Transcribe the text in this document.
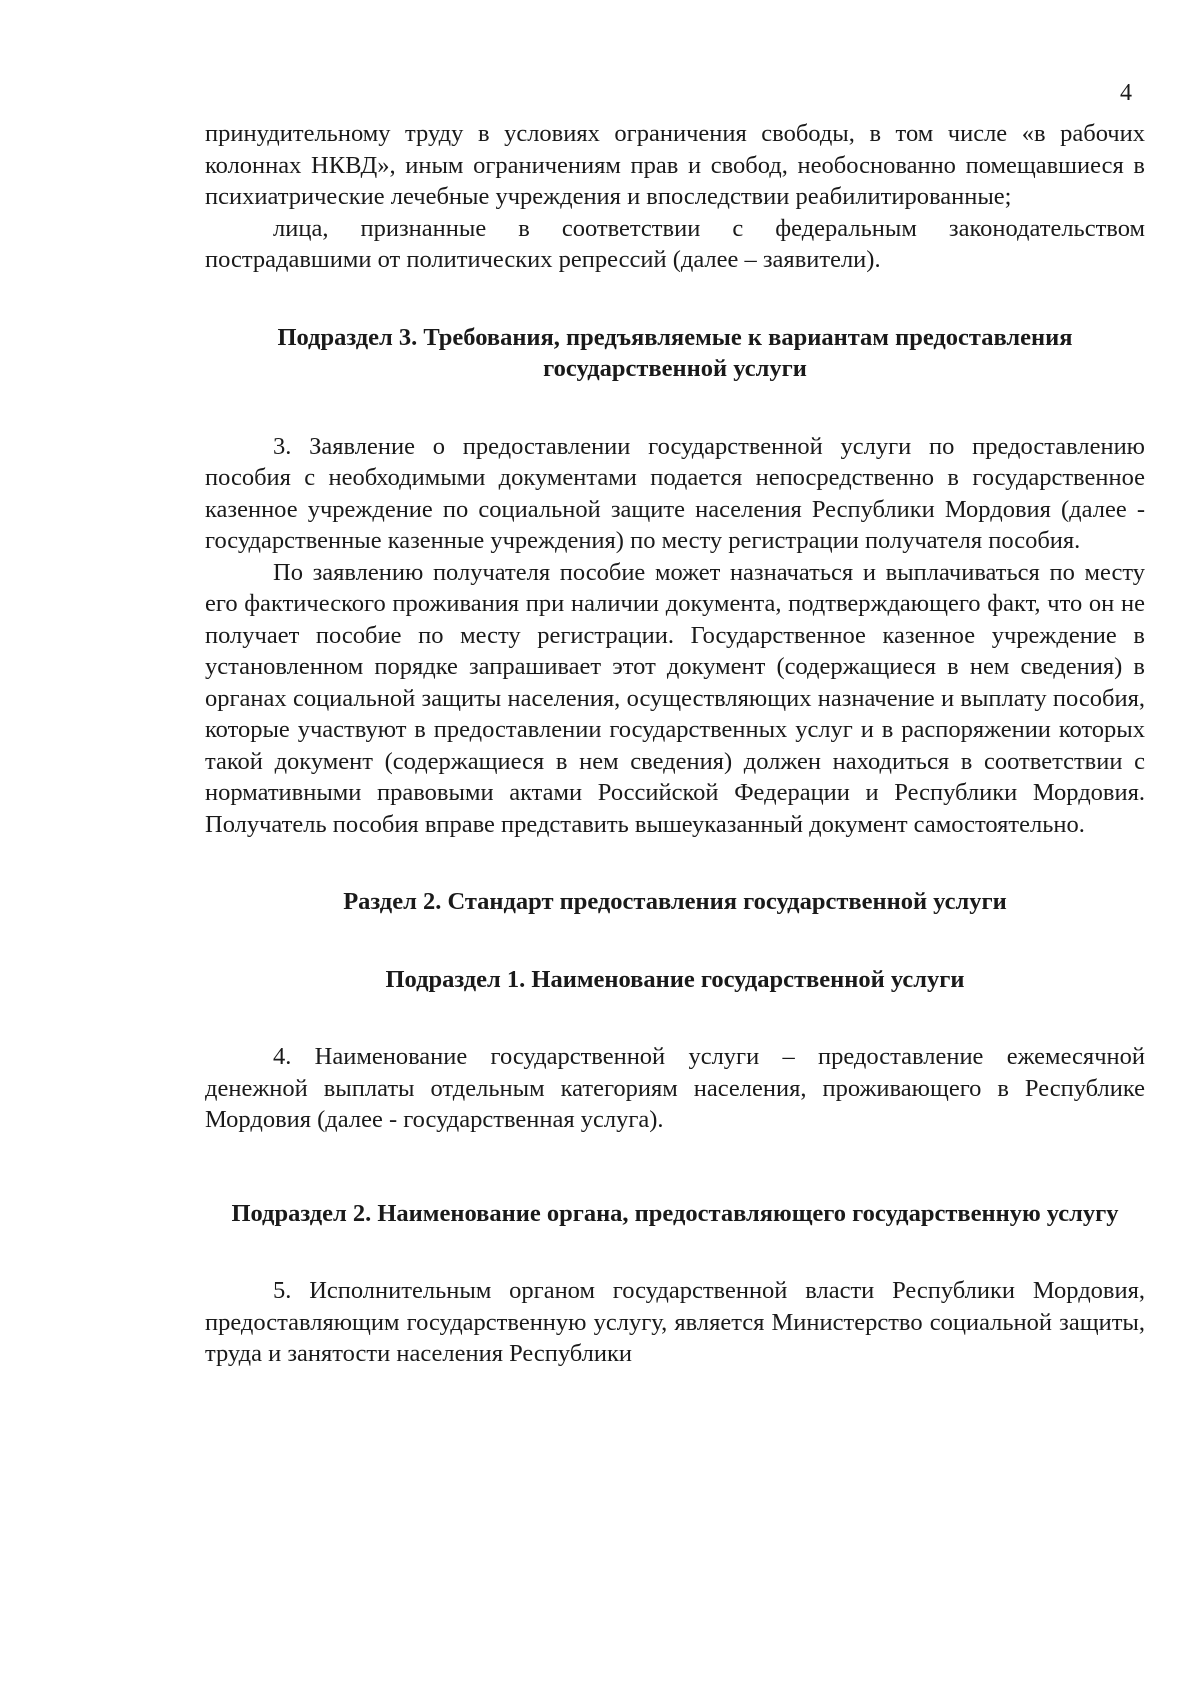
4

принудительному труду в условиях ограничения свободы, в том числе «в рабочих колоннах НКВД», иным ограничениям прав и свобод, необоснованно помещавшиеся в психиатрические лечебные учреждения и впоследствии реабилитированные;

лица, признанные в соответствии с федеральным законодательством пострадавшими от политических репрессий (далее – заявители).

Подраздел 3. Требования, предъявляемые к вариантам предоставления государственной услуги

3. Заявление о предоставлении государственной услуги по предоставлению пособия с необходимыми документами подается непосредственно в государственное казенное учреждение по социальной защите населения Республики Мордовия (далее - государственные казенные учреждения) по месту регистрации получателя пособия.

По заявлению получателя пособие может назначаться и выплачиваться по месту его фактического проживания при наличии документа, подтверждающего факт, что он не получает пособие по месту регистрации. Государственное казенное учреждение в установленном порядке запрашивает этот документ (содержащиеся в нем сведения) в органах социальной защиты населения, осуществляющих назначение и выплату пособия, которые участвуют в предоставлении государственных услуг и в распоряжении которых такой документ (содержащиеся в нем сведения) должен находиться в соответствии с нормативными правовыми актами Российской Федерации и Республики Мордовия. Получатель пособия вправе представить вышеуказанный документ самостоятельно.

Раздел 2. Стандарт предоставления государственной услуги
Подраздел 1. Наименование государственной услуги

4. Наименование государственной услуги – предоставление ежемесячной денежной выплаты отдельным категориям населения, проживающего в Республике Мордовия (далее - государственная услуга).

Подраздел 2. Наименование органа, предоставляющего государственную услугу

5. Исполнительным органом государственной власти Республики Мордовия, предоставляющим государственную услугу, является Министерство социальной защиты, труда и занятости населения Республики
